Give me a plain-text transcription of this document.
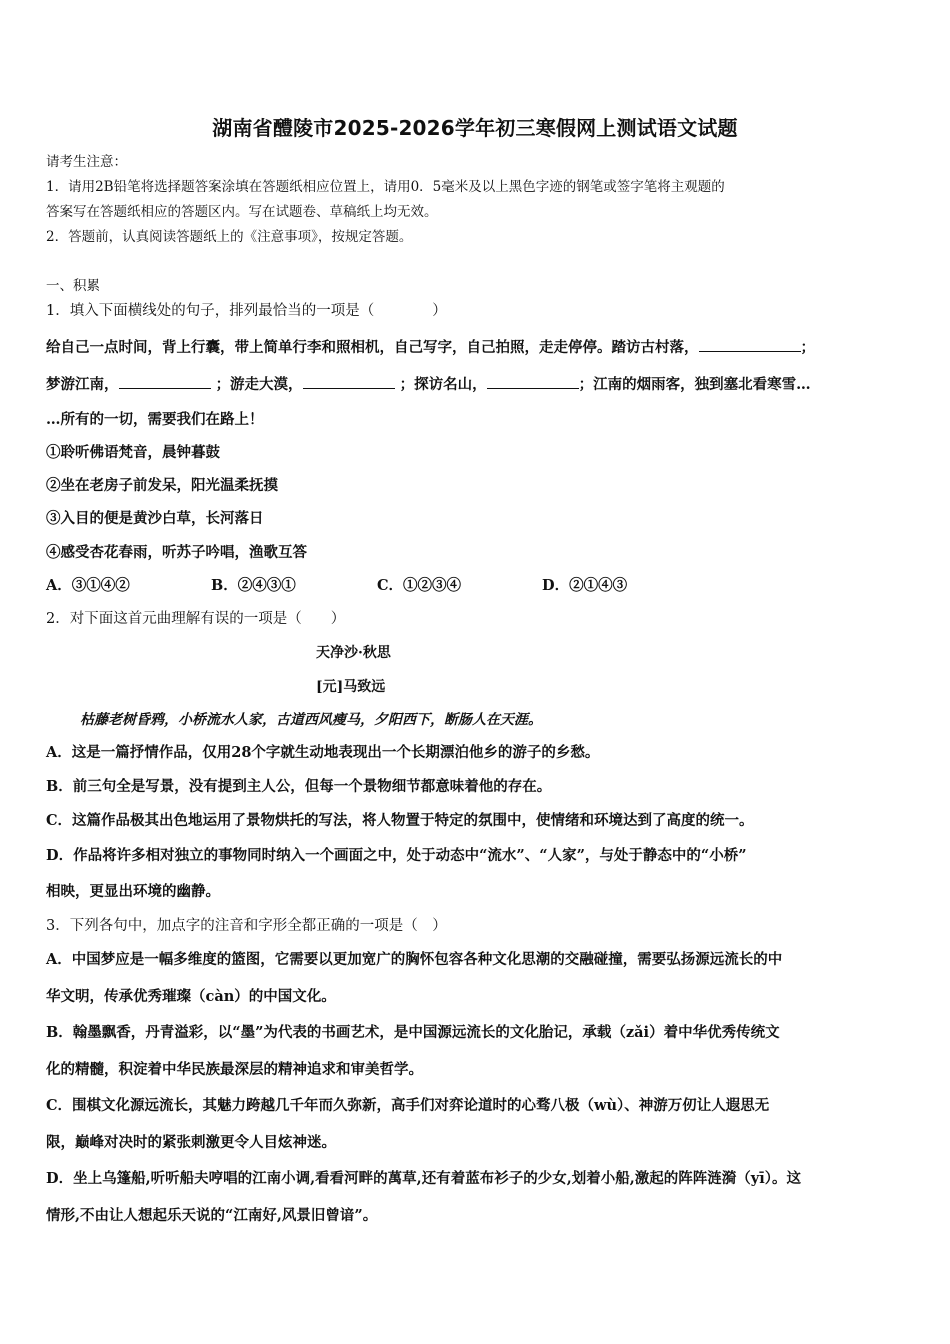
湖南省醴陵市2025-2026学年初三寒假网上测试语文试题
请考生注意：
1．请用2B铅笔将选择题答案涂填在答题纸相应位置上，请用0．5毫米及以上黑色字迹的钢笔或签字笔将主观题的
答案写在答题纸相应的答题区内。写在试题卷、草稿纸上均无效。
2．答题前，认真阅读答题纸上的《注意事项》，按规定答题。
一、积累
1．填入下面横线处的句子，排列最恰当的一项是（　　　　）
给自己一点时间，背上行囊，带上简单行李和照相机，自己写字，自己拍照，走走停停。踏访古村落，	；
梦游江南，	；游走大漠，	；探访名山，	；江南的烟雨客，独到塞北看寒雪…
…所有的一切，需要我们在路上！
①聆听佛语梵音，晨钟暮鼓
②坐在老房子前发呆，阳光温柔抚摸
③入目的便是黄沙白草，长河落日
④感受杏花春雨，听苏子吟唱，渔歌互答
A．③①④②	B．②④③①	C．①②③④	D．②①④③
2．对下面这首元曲理解有误的一项是（　　）
天净沙·秋思
[元]马致远
枯藤老树昏鸦，小桥流水人家，古道西风瘦马，夕阳西下，断肠人在天涯。
A．这是一篇抒情作品，仅用28个字就生动地表现出一个长期漂泊他乡的游子的乡愁。
B．前三句全是写景，没有提到主人公，但每一个景物细节都意味着他的存在。
C．这篇作品极其出色地运用了景物烘托的写法，将人物置于特定的氛围中，使情绪和环境达到了高度的统一。
D．作品将许多相对独立的事物同时纳入一个画面之中，处于动态中“流水”、“人家”，与处于静态中的“小桥”
相映，更显出环境的幽静。
3．下列各句中，加点字的注音和字形全都正确的一项是（　）
A．中国梦应是一幅多维度的篮图，它需要以更加宽广的胸怀包容各种文化思潮的交融碰撞，需要弘扬源远流长的中
华文明，传承优秀璀璨（càn）的中国文化。
B．翰墨飘香，丹青溢彩，以“墨”为代表的书画艺术，是中国源远流长的文化胎记，承载（zǎi）着中华优秀传统文
化的精髓，积淀着中华民族最深层的精神追求和审美哲学。
C．围棋文化源远流长，其魅力跨越几千年而久弥新，高手们对弈论道时的心骛八极（wù）、神游万仞让人遐思无
限，巅峰对决时的紧张刺激更令人目炫神迷。
D．坐上乌篷船,听听船夫哼唱的江南小调,看看河畔的萬草,还有着蓝布衫子的少女,划着小船,激起的阵阵涟漪（yī）。这
情形,不由让人想起乐天说的“江南好,风景旧曾谙”。
